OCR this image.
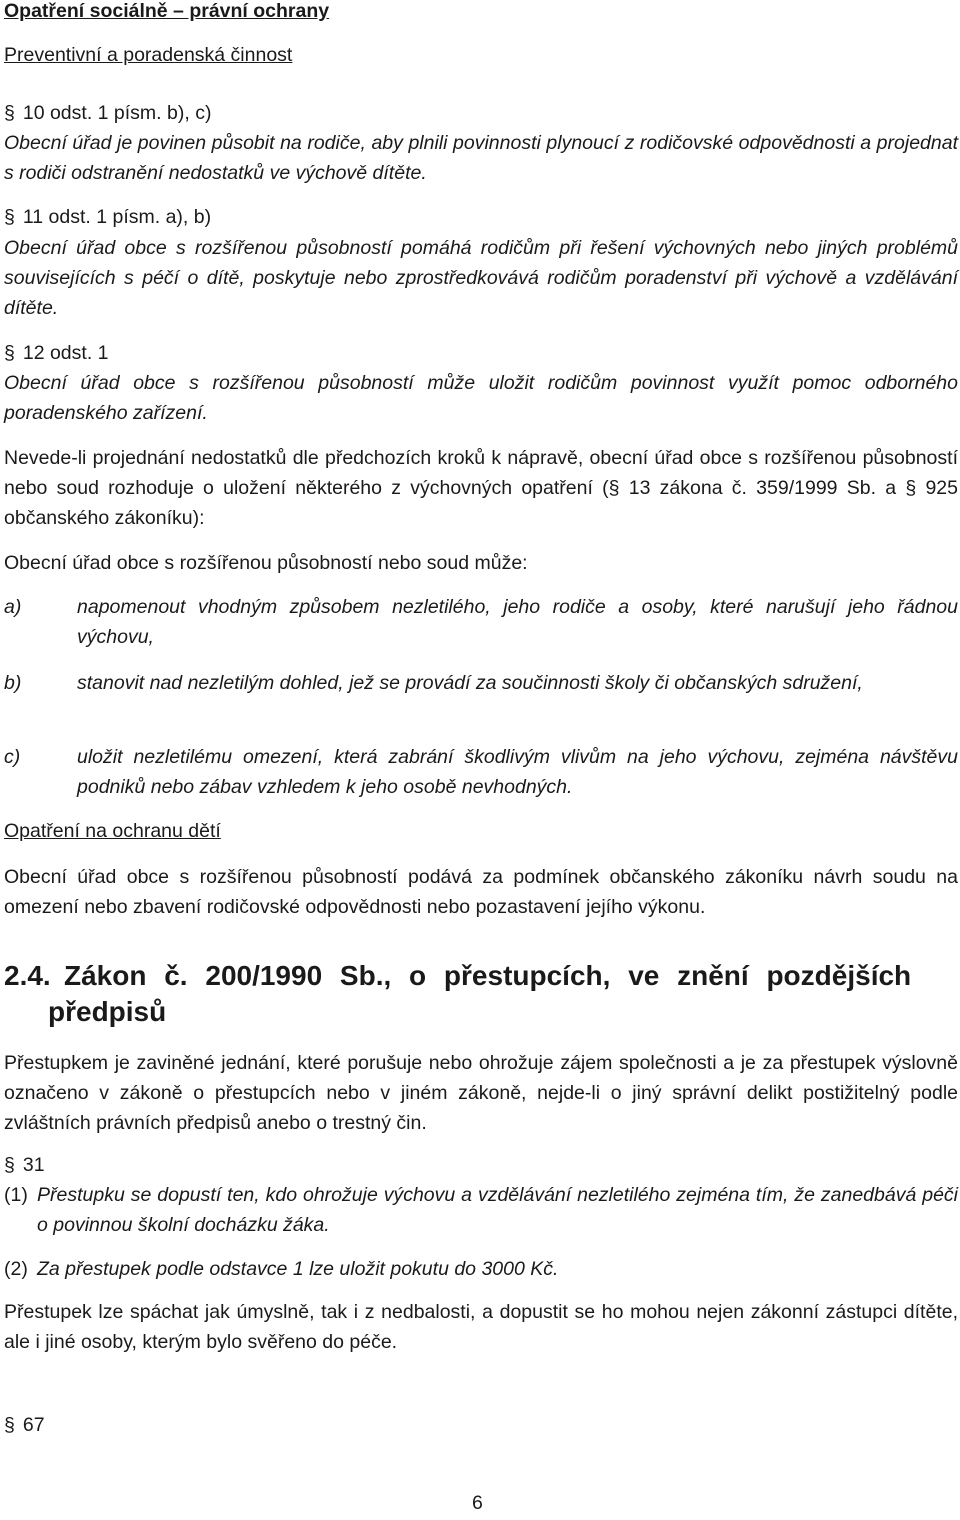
Opatření sociálně – právní ochrany
Preventivní a poradenská činnost
§ 10 odst. 1 písm. b), c)
Obecní úřad je povinen působit na rodiče, aby plnili povinnosti plynoucí z rodičovské odpovědnosti a projednat s rodiči odstranění nedostatků ve výchově dítěte.
§ 11 odst. 1 písm. a), b)
Obecní úřad obce s rozšířenou působností pomáhá rodičům při řešení výchovných nebo jiných problémů souvisejících s péčí o dítě, poskytuje nebo zprostředkovává rodičům poradenství při výchově a vzdělávání dítěte.
§ 12 odst. 1
Obecní úřad obce s rozšířenou působností může uložit rodičům povinnost využít pomoc odborného poradenského zařízení.
Nevede-li projednání nedostatků dle předchozích kroků k nápravě, obecní úřad obce s rozšířenou působností nebo soud rozhoduje o uložení některého z výchovných opatření (§ 13 zákona č. 359/1999 Sb. a § 925 občanského zákoníku):
Obecní úřad obce s rozšířenou působností nebo soud může:
a)	napomenout vhodným způsobem nezletilého, jeho rodiče a osoby, které narušují jeho řádnou výchovu,
b)	stanovit nad nezletilým dohled, jež se provádí za součinnosti školy či občanských sdružení,
c)	uložit nezletilému omezení, která zabrání škodlivým vlivům na jeho výchovu, zejména návštěvu podniků nebo zábav vzhledem k jeho osobě nevhodných.
Opatření na ochranu dětí
Obecní úřad obce s rozšířenou působností podává za podmínek občanského zákoníku návrh soudu na omezení nebo zbavení rodičovské odpovědnosti nebo pozastavení jejího výkonu.
2.4. Zákon č. 200/1990 Sb., o přestupcích, ve znění pozdějších
předpisů
Přestupkem je zaviněné jednání, které porušuje nebo ohrožuje zájem společnosti a je za přestupek výslovně označeno v zákoně o přestupcích nebo v jiném zákoně, nejde-li o jiný správní delikt postižitelný podle zvláštních právních předpisů anebo o trestný čin.
§ 31
(1) Přestupku se dopustí ten, kdo ohrožuje výchovu a vzdělávání nezletilého zejména tím, že zanedbává péči o povinnou školní docházku žáka.
(2) Za přestupek podle odstavce 1 lze uložit pokutu do 3000 Kč.
Přestupek lze spáchat jak úmyslně, tak i z nedbalosti, a dopustit se ho mohou nejen zákonní zástupci dítěte, ale i jiné osoby, kterým bylo svěřeno do péče.
§ 67
6
